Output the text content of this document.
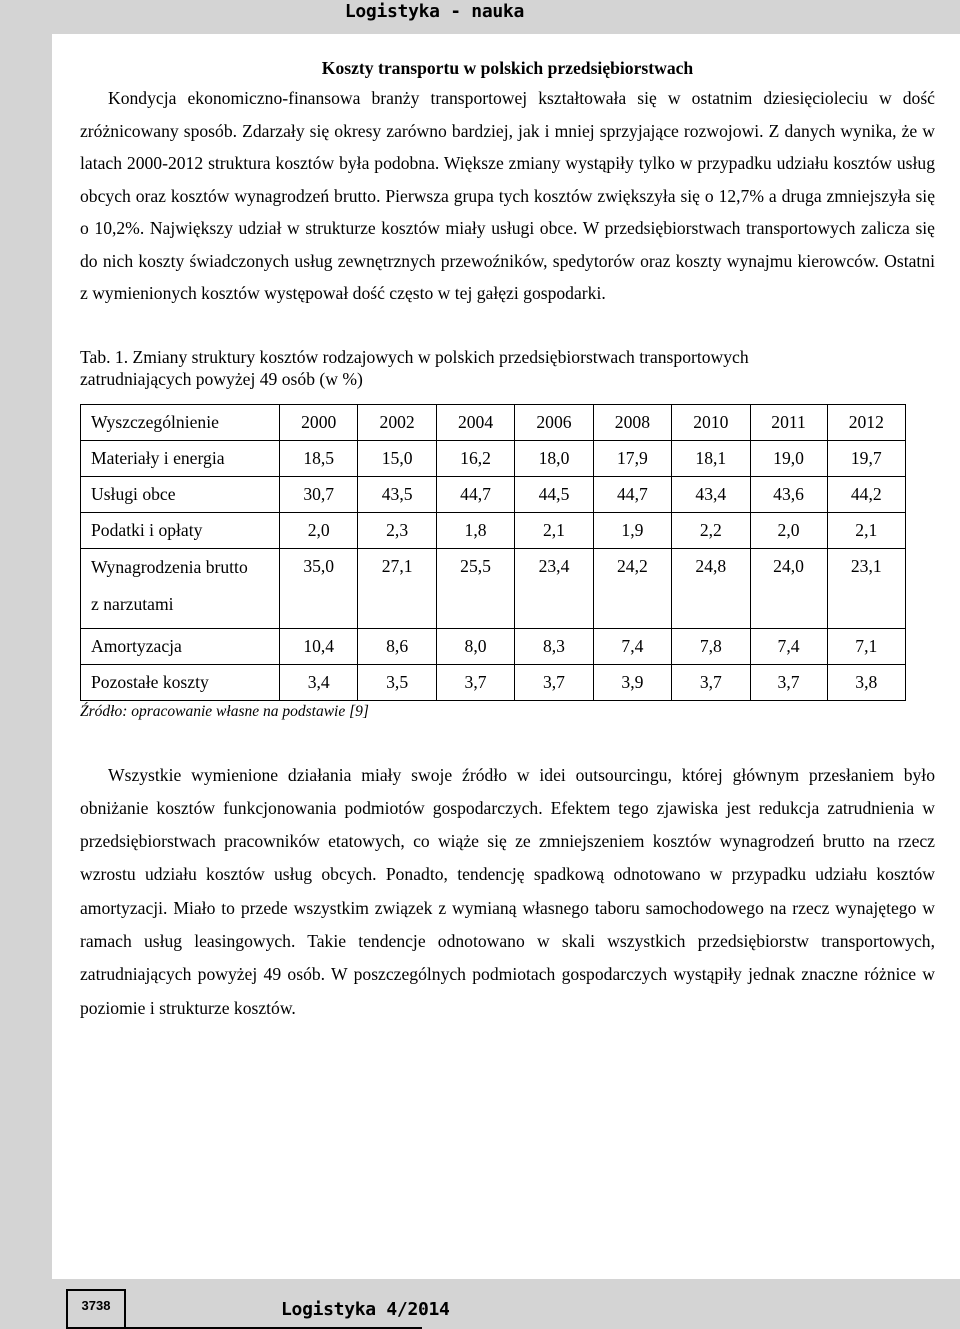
Logistyka - nauka
Koszty transportu w polskich przedsiębiorstwach

Kondycja ekonomiczno-finansowa branży transportowej kształtowała się w ostatnim dziesięcioleciu w dość zróżnicowany sposób. Zdarzały się okresy zarówno bardziej, jak i mniej sprzyjające rozwojowi. Z danych wynika, że w latach 2000-2012 struktura kosztów była podobna. Większe zmiany wystąpiły tylko w przypadku udziału kosztów usług obcych oraz kosztów wynagrodzeń brutto. Pierwsza grupa tych kosztów zwiększyła się o 12,7% a druga zmniejszyła się o 10,2%. Największy udział w strukturze kosztów miały usługi obce. W przedsiębiorstwach transportowych zalicza się do nich koszty świadczonych usług zewnętrznych przewoźników, spedytorów oraz koszty wynajmu kierowców. Ostatni z wymienionych kosztów występował dość często w tej gałęzi gospodarki.

Tab. 1. Zmiany struktury kosztów rodzajowych w polskich przedsiębiorstwach transportowych
zatrudniających powyżej 49 osób (w %)
Wyszczególnienie	2000	2002	2004	2006	2008	2010	2011	2012

Materiały i energia	18,5	15,0	16,2	18,0	17,9	18,1	19,0	19,7

Usługi obce	30,7	43,5	44,7	44,5	44,7	43,4	43,6	44,2

Podatki i opłaty	2,0	2,3	1,8	2,1	1,9	2,2	2,0	2,1

Wynagrodzenia brutto
z narzutami	35,0	27,1	25,5	23,4	24,2	24,8	24,0	23,1

Amortyzacja	10,4	8,6	8,0	8,3	7,4	7,8	7,4	7,1

Pozostałe koszty	3,4	3,5	3,7	3,7	3,9	3,7	3,7	3,8
Źródło: opracowanie własne na podstawie [9]

Wszystkie wymienione działania miały swoje źródło w idei outsourcingu, której głównym przesłaniem było obniżanie kosztów funkcjonowania podmiotów gospodarczych. Efektem tego zjawiska jest redukcja zatrudnienia w przedsiębiorstwach pracowników etatowych, co wiąże się ze zmniejszeniem kosztów wynagrodzeń brutto na rzecz wzrostu udziału kosztów usług obcych. Ponadto, tendencję spadkową odnotowano w przypadku udziału kosztów amortyzacji. Miało to przede wszystkim związek z wymianą własnego taboru samochodowego na rzecz wynajętego w ramach usług leasingowych. Takie tendencje odnotowano w skali wszystkich przedsiębiorstw transportowych, zatrudniających powyżej 49 osób. W poszczególnych podmiotach gospodarczych wystąpiły jednak znaczne różnice w poziomie i strukturze kosztów.

3738	Logistyka 4/2014
